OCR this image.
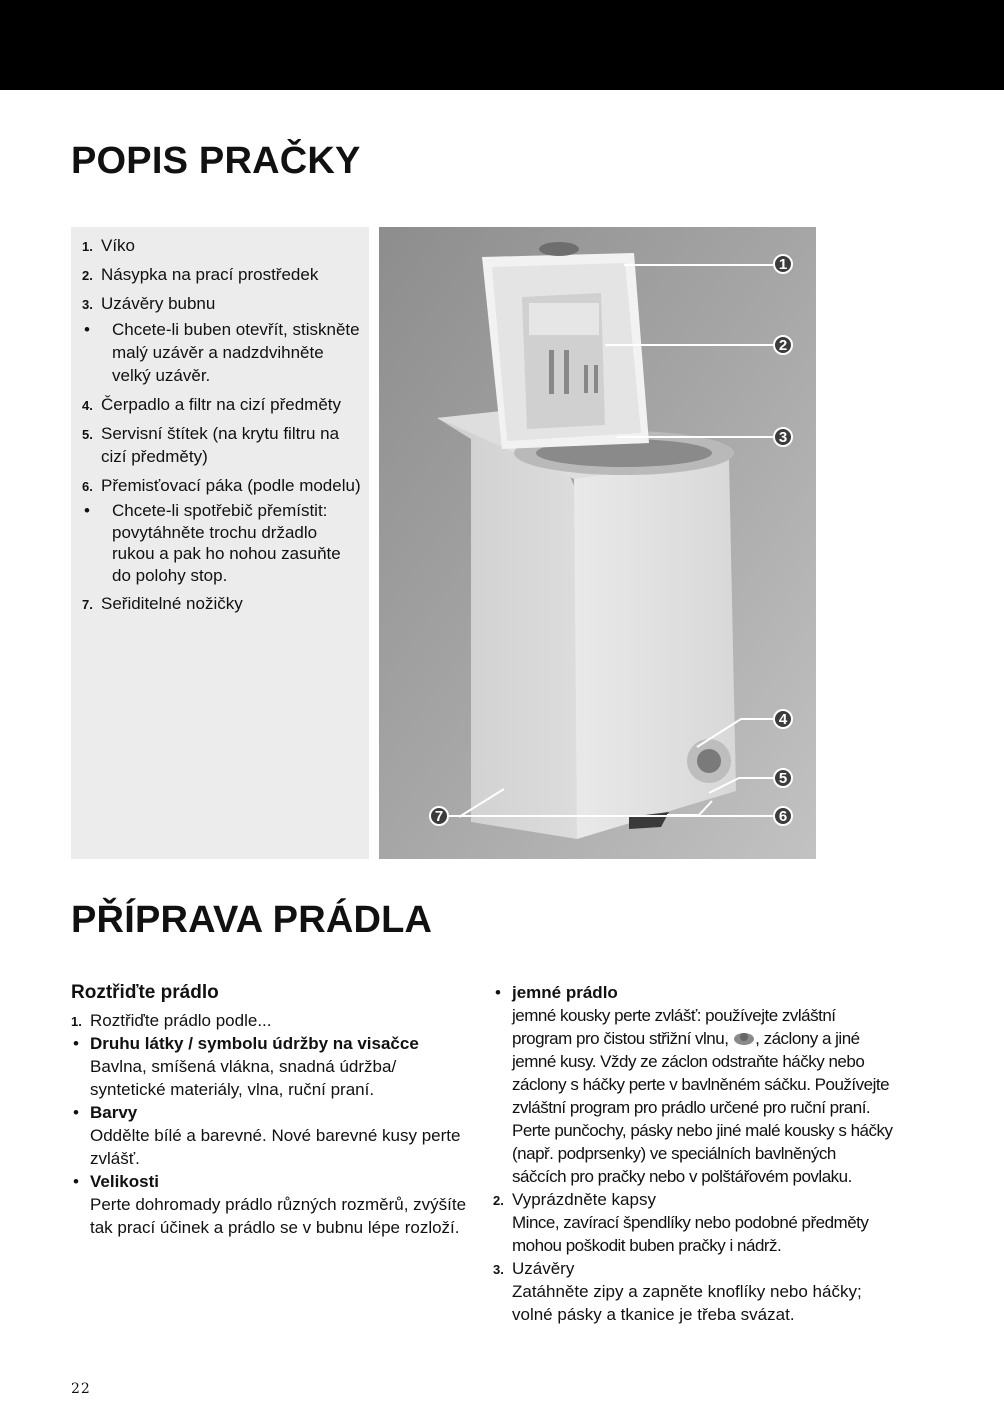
POPIS PRAČKY
1. Víko
2. Násypka na prací prostředek
3. Uzávěry bubnu
• Chcete-li buben otevřít, stiskněte malý uzávěr a nadzdvihněte velký uzávěr.
4. Čerpadlo a filtr na cizí předměty
5. Servisní štítek (na krytu filtru na cizí předměty)
6. Přemisťovací páka (podle modelu)
• Chcete-li spotřebič přemístit: povytáhněte trochu držadlo rukou a pak ho nohou zasuňte do polohy stop.
7. Seřiditelné nožičky
1
2
3
4
5
6
7
PŘÍPRAVA PRÁDLA
Roztřiďte prádlo
1. Roztřiďte prádlo podle...
• Druhu látky / symbolu údržby na visačce
Bavlna, smíšená vlákna, snadná údržba/ syntetické materiály, vlna, ruční praní.
• Barvy
Oddělte bílé a barevné. Nové barevné kusy perte zvlášť.
• Velikosti
Perte dohromady prádlo různých rozměrů, zvýšíte tak prací účinek a prádlo se v bubnu lépe rozloží.
• jemné prádlo
jemné kousky perte zvlášť: používejte zvláštní program pro čistou střižní vlnu, , záclony a jiné jemné kusy. Vždy ze záclon odstraňte háčky nebo záclony s háčky perte v bavlněném sáčku. Používejte zvláštní program pro prádlo určené pro ruční praní. Perte punčochy, pásky nebo jiné malé kousky s háčky (např. podprsenky) ve speciálních bavlněných sáčcích pro pračky nebo v polštářovém povlaku.
2. Vyprázdněte kapsy
Mince, zavírací špendlíky nebo podobné předměty mohou poškodit buben pračky i nádrž.
3. Uzávěry
Zatáhněte zipy a zapněte knoflíky nebo háčky; volné pásky a tkanice je třeba svázat.
22
